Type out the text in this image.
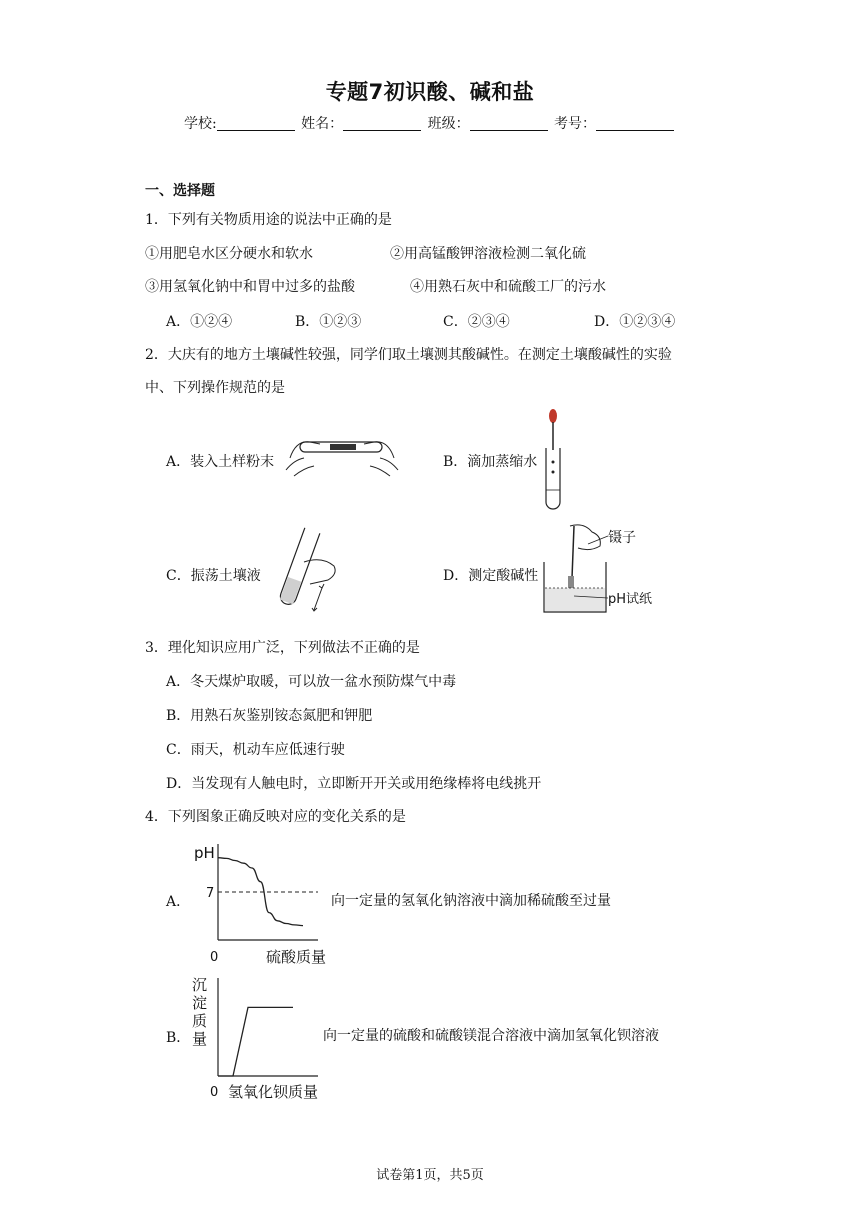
专题7初识酸、碱和盐
学校:	姓名：	班级：	考号：
一、选择题
1．下列有关物质用途的说法中正确的是
①用肥皂水区分硬水和软水	②用高锰酸钾溶液检测二氧化硫
③用氢氧化钠中和胃中过多的盐酸	④用熟石灰中和硫酸工厂的污水
A．①②④	B．①②③	C．②③④	D．①②③④
2．大庆有的地方土壤碱性较强，同学们取土壤测其酸碱性。在测定土壤酸碱性的实验
中、下列操作规范的是
A．装入土样粉末	B．滴加蒸缩水
C．振荡土壤液	D．测定酸碱性
镊子
pH试纸
3．理化知识应用广泛，下列做法不正确的是
A．冬天煤炉取暖，可以放一盆水预防煤气中毒
B．用熟石灰鉴别铵态氮肥和钾肥
C．雨天，机动车应低速行驶
D．当发现有人触电时，立即断开开关或用绝缘棒将电线挑开
4．下列图象正确反映对应的变化关系的是
A．
pH
0	硫酸质量
7	向一定量的氢氧化钠溶液中滴加稀硫酸至过量
B．
沉淀质量
0 氢氧化钡质量
向一定量的硫酸和硫酸镁混合溶液中滴加氢氧化钡溶液
试卷第1页，共5页
